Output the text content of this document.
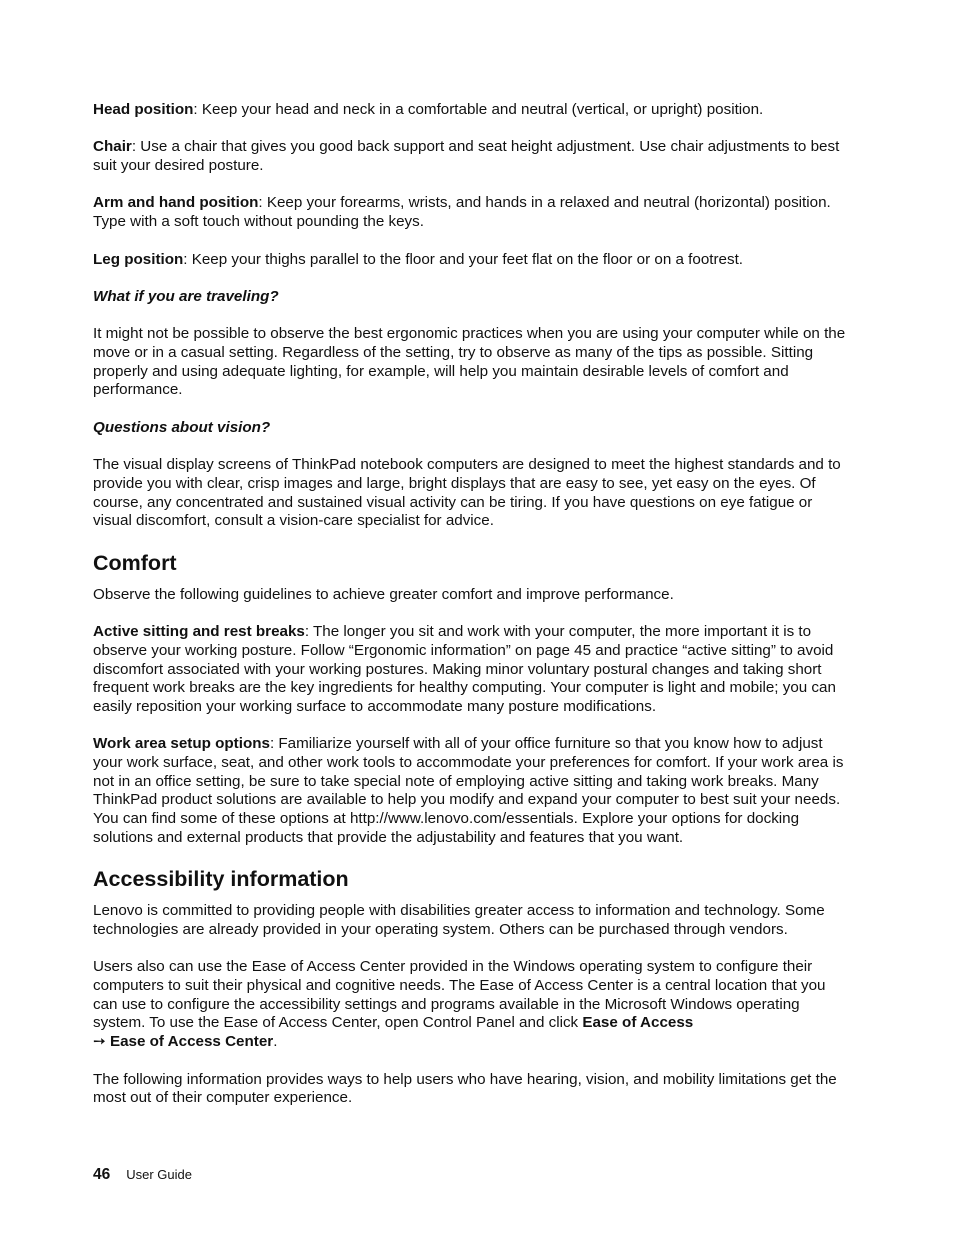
Head position: Keep your head and neck in a comfortable and neutral (vertical, or upright) position.

Chair: Use a chair that gives you good back support and seat height adjustment. Use chair adjustments to best suit your desired posture.

Arm and hand position: Keep your forearms, wrists, and hands in a relaxed and neutral (horizontal) position. Type with a soft touch without pounding the keys.

Leg position: Keep your thighs parallel to the floor and your feet flat on the floor or on a footrest.

What if you are traveling?

It might not be possible to observe the best ergonomic practices when you are using your computer while on the move or in a casual setting. Regardless of the setting, try to observe as many of the tips as possible. Sitting properly and using adequate lighting, for example, will help you maintain desirable levels of comfort and performance.

Questions about vision?

The visual display screens of ThinkPad notebook computers are designed to meet the highest standards and to provide you with clear, crisp images and large, bright displays that are easy to see, yet easy on the eyes. Of course, any concentrated and sustained visual activity can be tiring. If you have questions on eye fatigue or visual discomfort, consult a vision-care specialist for advice.

Comfort

Observe the following guidelines to achieve greater comfort and improve performance.

Active sitting and rest breaks: The longer you sit and work with your computer, the more important it is to observe your working posture. Follow “Ergonomic information” on page 45 and practice “active sitting” to avoid discomfort associated with your working postures. Making minor voluntary postural changes and taking short frequent work breaks are the key ingredients for healthy computing. Your computer is light and mobile; you can easily reposition your working surface to accommodate many posture modifications.

Work area setup options: Familiarize yourself with all of your office furniture so that you know how to adjust your work surface, seat, and other work tools to accommodate your preferences for comfort. If your work area is not in an office setting, be sure to take special note of employing active sitting and taking work breaks. Many ThinkPad product solutions are available to help you modify and expand your computer to best suit your needs. You can find some of these options at http://www.lenovo.com/essentials. Explore your options for docking solutions and external products that provide the adjustability and features that you want.

Accessibility information

Lenovo is committed to providing people with disabilities greater access to information and technology. Some technologies are already provided in your operating system. Others can be purchased through vendors.

Users also can use the Ease of Access Center provided in the Windows operating system to configure their computers to suit their physical and cognitive needs. The Ease of Access Center is a central location that you can use to configure the accessibility settings and programs available in the Microsoft Windows operating system. To use the Ease of Access Center, open Control Panel and click Ease of Access
➙ Ease of Access Center.

The following information provides ways to help users who have hearing, vision, and mobility limitations get the most out of their computer experience.

46 User Guide
